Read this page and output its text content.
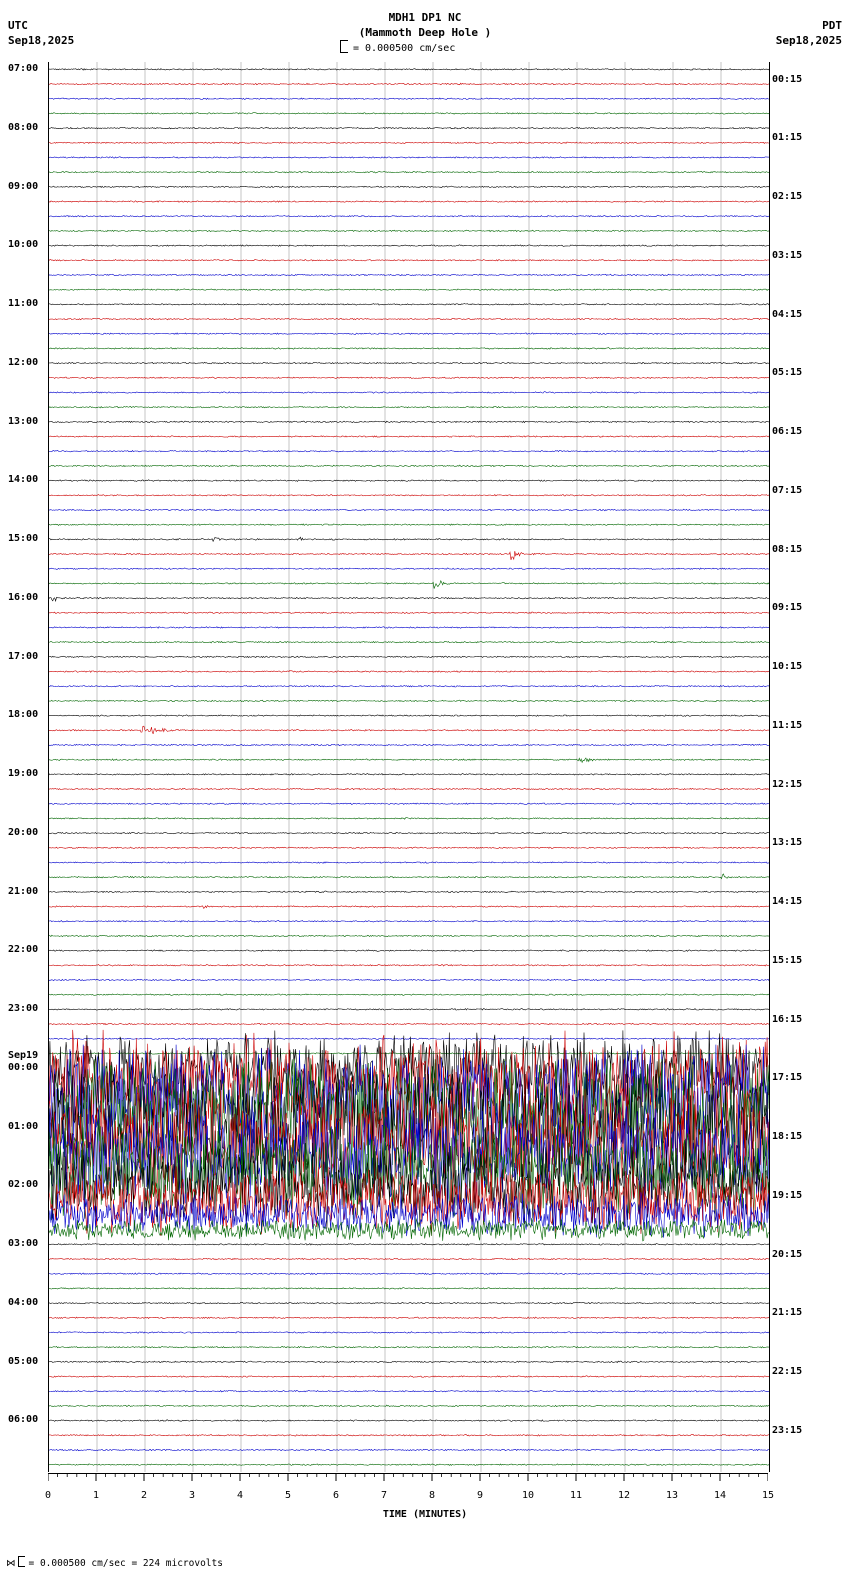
UTC
Sep18,2025
MDH1 DP1 NC
(Mammoth Deep Hole )
PDT
Sep18,2025
= 0.000500 cm/sec
07:00
08:00
09:00
10:00
11:00
12:00
13:00
14:00
15:00
16:00
17:00
18:00
19:00
20:00
21:00
22:00
23:00
Sep19
00:00
01:00
02:00
03:00
04:00
05:00
06:00
00:15
01:15
02:15
03:15
04:15
05:15
06:15
07:15
08:15
09:15
10:15
11:15
12:15
13:15
14:15
15:15
16:15
17:15
18:15
19:15
20:15
21:15
22:15
23:15
0	1	2	3	4	5	6	7	8	9	10	11	12	13	14	15
TIME (MINUTES)
⋈ = 0.000500 cm/sec = 224 microvolts
